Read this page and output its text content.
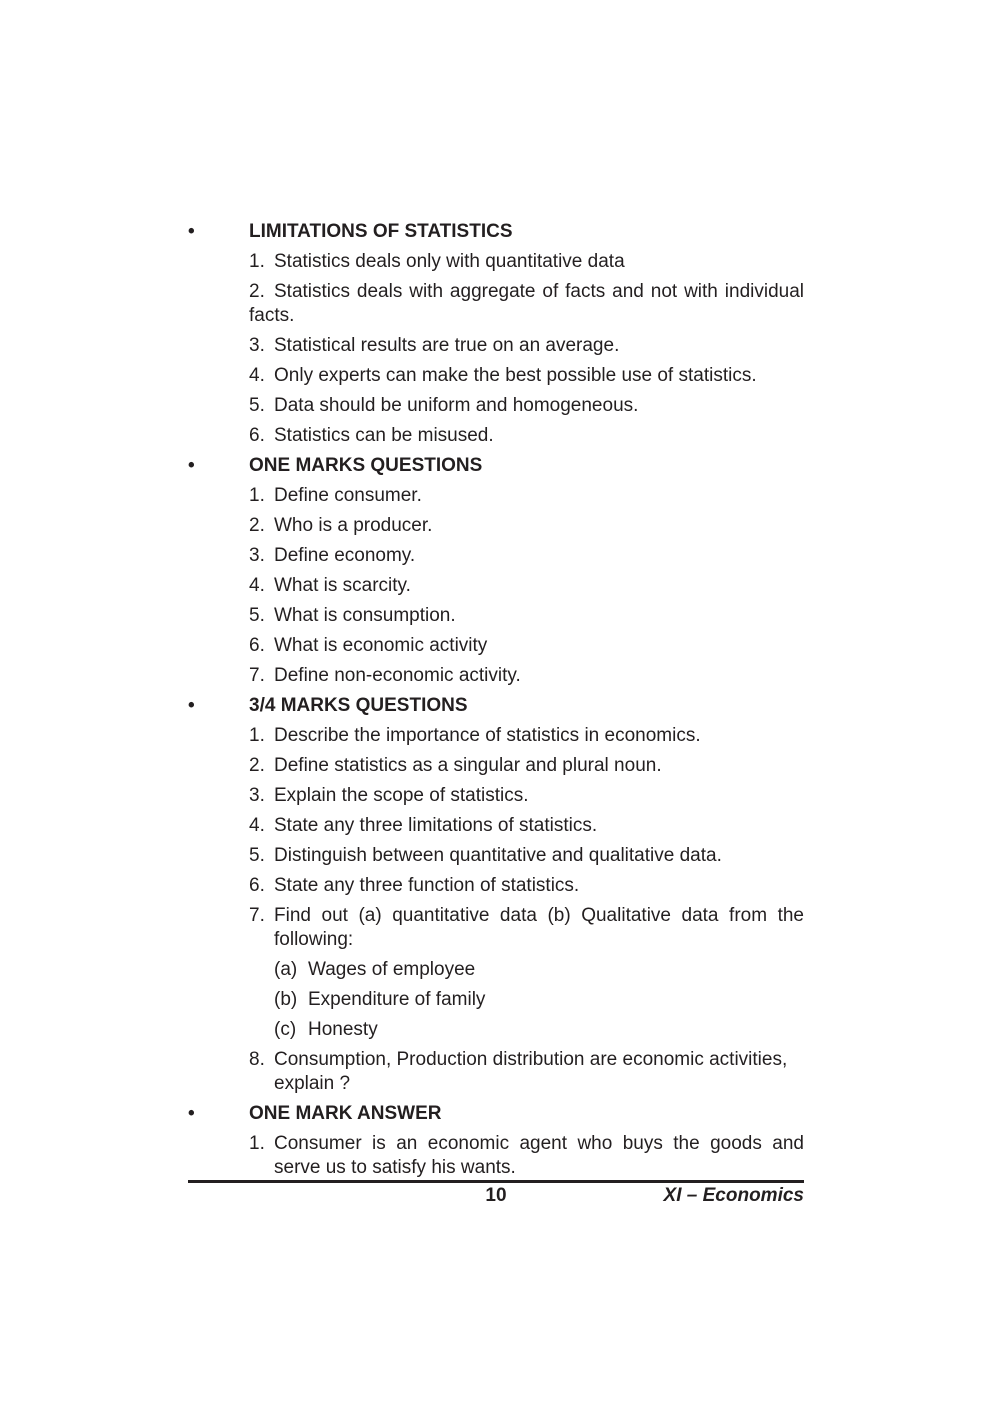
•	LIMITATIONS OF STATISTICS
1. Statistics deals only with quantitative data
2. Statistics deals with aggregate of facts and not with individual facts.
3. Statistical results are true on an average.
4. Only experts can make the best possible use of statistics.
5. Data should be uniform and homogeneous.
6. Statistics can be misused.
•	ONE MARKS QUESTIONS
1. Define consumer.
2. Who is a producer.
3. Define economy.
4. What is scarcity.
5. What is consumption.
6. What is economic activity
7. Define non-economic activity.
•	3/4 MARKS QUESTIONS
1. Describe the importance of statistics in economics.
2. Define statistics as a singular and plural noun.
3. Explain the scope of statistics.
4. State any three limitations of statistics.
5. Distinguish between quantitative and qualitative data.
6. State any three function of statistics.
7. Find out (a) quantitative data (b) Qualitative data from the following:
(a) Wages of employee
(b) Expenditure of family
(c) Honesty
8. Consumption, Production distribution are economic activities, explain ?
•	ONE MARK ANSWER
1. Consumer is an economic agent who buys the goods and serve us to satisfy his wants.
10	XI – Economics
